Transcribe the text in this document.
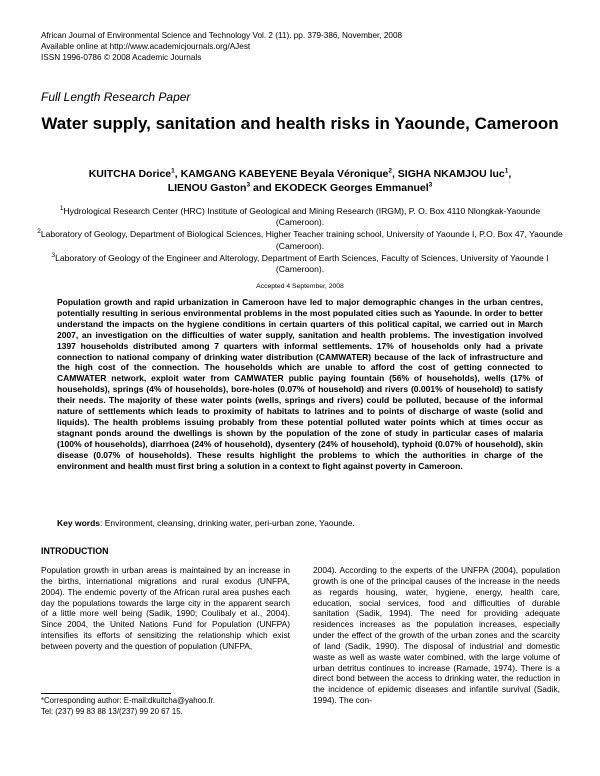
African Journal of Environmental Science and Technology Vol. 2 (11). pp. 379-386, November, 2008
Available online at http://www.academicjournals.org/AJest
ISSN 1996-0786 © 2008 Academic Journals
Full Length Research Paper
Water supply, sanitation and health risks in Yaounde, Cameroon
KUITCHA Dorice$^1$, KAMGANG KABEYENE Beyala Véronique$^2$, SIGHA NKAMJOU luc$^1$,
LIENOU Gaston$^3$ and EKODECK Georges Emmanuel$^3$
$^1$Hydrological Research Center (HRC) Institute of Geological and Mining Research (IRGM), P. O. Box 4110 Nlongkak-Yaounde (Cameroon).
$^2$Laboratory of Geology, Department of Biological Sciences, Higher Teacher training school, University of Yaounde I, P.O. Box 47, Yaounde (Cameroon).
$^3$Laboratory of Geology of the Engineer and Alterology, Department of Earth Sciences, Faculty of Sciences, University of Yaounde I (Cameroon).
Accepted 4 September, 2008

Population growth and rapid urbanization in Cameroon have led to major demographic changes in the urban centres, potentially resulting in serious environmental problems in the most populated cities such as Yaounde. In order to better understand the impacts on the hygiene conditions in certain quarters of this political capital, we carried out in March 2007, an investigation on the difficulties of water supply, sanitation and health problems. The investigation involved 1397 households distributed among 7 quarters with informal settlements. 17% of households only had a private connection to national company of drinking water distribution (CAMWATER) because of the lack of infrastructure and the high cost of the connection. The households which are unable to afford the cost of getting connected to CAMWATER network, exploit water from CAMWATER public paying fountain (56% of households), wells (17% of households), springs (4% of households), bore-holes (0.07% of household) and rivers (0.001% of household) to satisfy their needs. The majority of these water points (wells, springs and rivers) could be polluted, because of the informal nature of settlements which leads to proximity of habitats to latrines and to points of discharge of waste (solid and liquids). The health problems issuing probably from these potential polluted water points which at times occur as stagnant ponds around the dwellings is shown by the population of the zone of study in particular cases of malaria (100% of households), diarrhoea (24% of household), dysentery (24% of household), typhoid (0.07% of household), skin disease (0.07% of households). These results highlight the problems to which the authorities in charge of the environment and health must first bring a solution in a context to fight against poverty in Cameroon.

Key words: Environment, cleansing, drinking water, peri-urban zone, Yaounde.
INTRODUCTION

Population growth in urban areas is maintained by an increase in the births, international migrations and rural exodus (UNFPA, 2004). The endemic poverty of the African rural area pushes each day the populations towards the large city in the apparent search of a little more well being (Sadik, 1990; Coulibaly et al., 2004). Since 2004, the United Nations Fund for Population (UNFPA) intensifies its efforts of sensitizing the relationship which exist between poverty and the question of population (UNFPA,

2004). According to the experts of the UNFPA (2004), population growth is one of the principal causes of the increase in the needs as regards housing, water, hygiene, energy, health care, education, social services, food and difficulties of durable sanitation (Sadik, 1994). The need for providing adequate residences increases as the population increases, especially under the effect of the growth of the urban zones and the scarcity of land (Sadik, 1990). The disposal of industrial and domestic waste as well as waste water combined, with the large volume of urban detritus continues to increase (Ramade, 1974). There is a direct bond between the access to drinking water, the reduction in the incidence of epidemic diseases and infantile survival (Sadik, 1994). The con-

*Corresponding author: E-mail:dkuitcha@yahoo.fr.
Tel: (237) 99 83 88 13/(237) 99 20 67 15.
